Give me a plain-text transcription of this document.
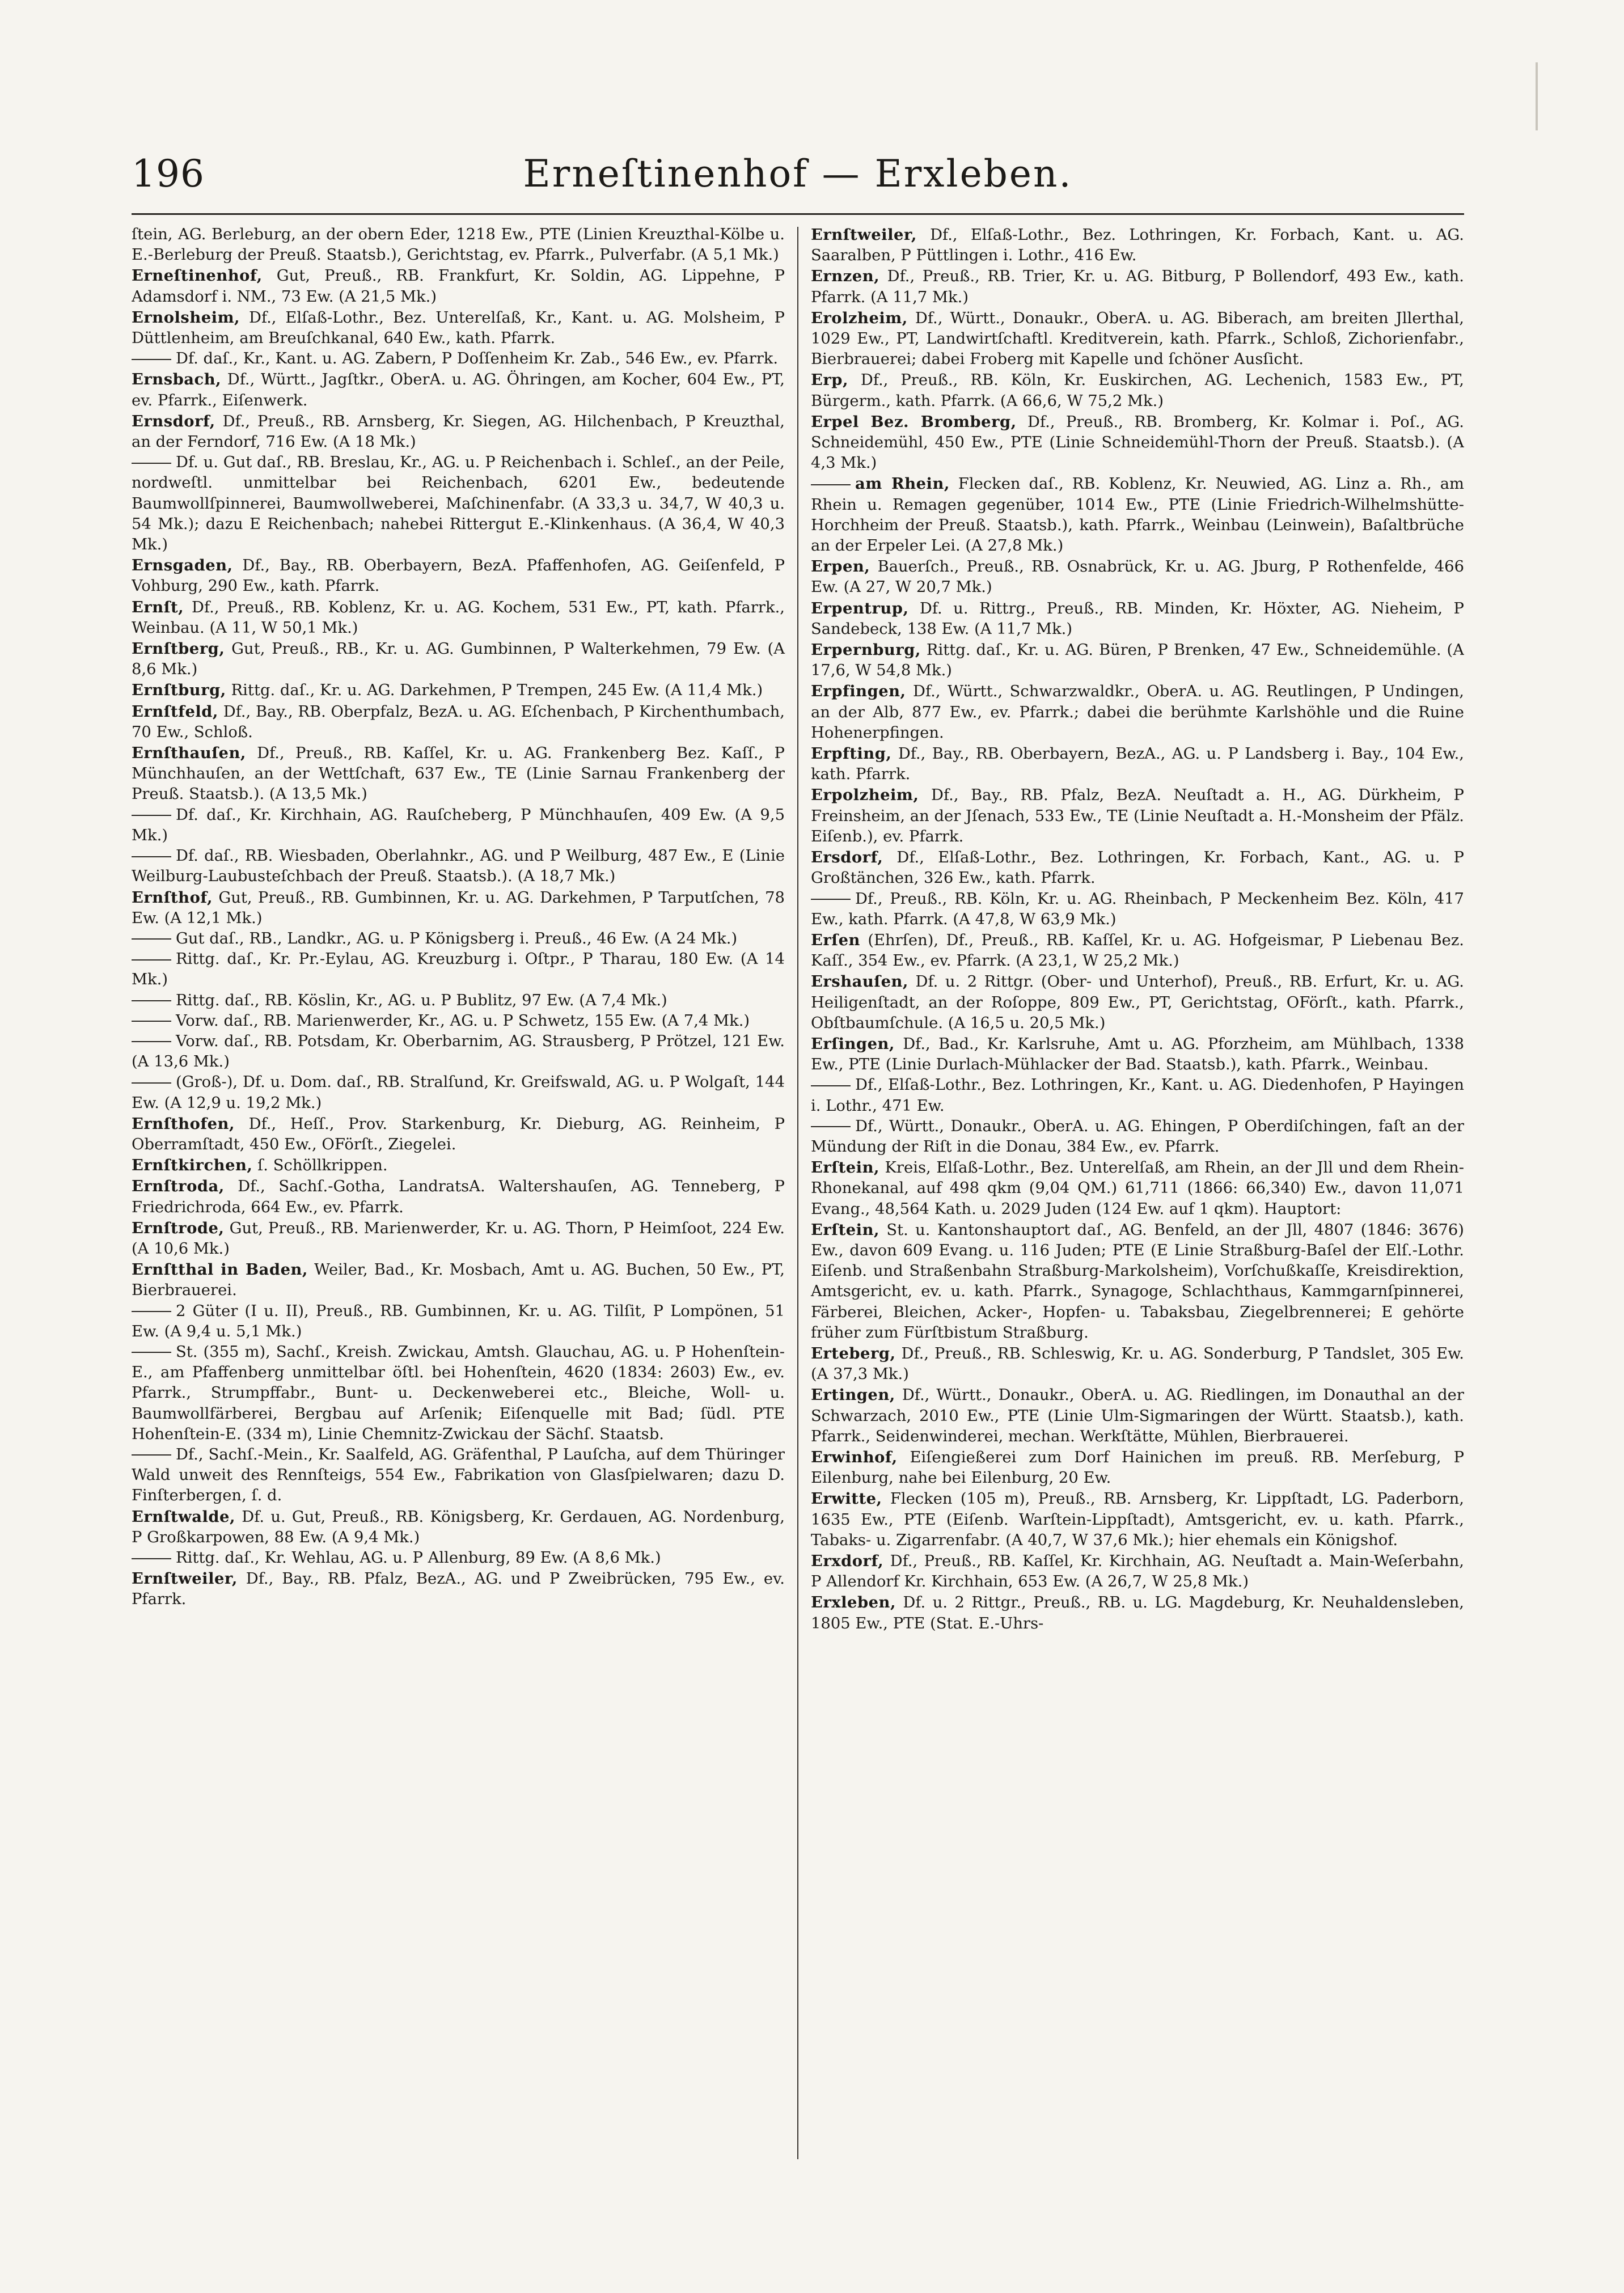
196	Erneſtinenhof — Erxleben.

ſtein, AG. Berleburg, an der obern Eder, 1218 Ew., PTE (Linien Kreuzthal-Kölbe u. E.-Berleburg der Preuß. Staatsb.), Gerichtstag, ev. Pfarrk., Pulverfabr. (A 5,1 Mk.)

Erneſtinenhof, Gut, Preuß., RB. Frankfurt, Kr. Soldin, AG. Lippehne, P Adamsdorf i. NM., 73 Ew. (A 21,5 Mk.)

Ernolsheim, Df., Elſaß-Lothr., Bez. Unterelſaß, Kr., Kant. u. AG. Molsheim, P Düttlenheim, am Breuſchkanal, 640 Ew., kath. Pfarrk.

Df. daſ., Kr., Kant. u. AG. Zabern, P Doſſenheim Kr. Zab., 546 Ew., ev. Pfarrk.

Ernsbach, Df., Württ., Jagſtkr., OberA. u. AG. Öhringen, am Kocher, 604 Ew., PT, ev. Pfarrk., Eiſenwerk.

Ernsdorf, Df., Preuß., RB. Arnsberg, Kr. Siegen, AG. Hilchenbach, P Kreuzthal, an der Ferndorf, 716 Ew. (A 18 Mk.)

Df. u. Gut daſ., RB. Breslau, Kr., AG. u. P Reichenbach i. Schleſ., an der Peile, nordweſtl. unmittelbar bei Reichenbach, 6201 Ew., bedeutende Baumwollſpinnerei, Baumwollweberei, Maſchinenfabr. (A 33,3 u. 34,7, W 40,3 u. 54 Mk.); dazu E Reichenbach; nahebei Rittergut E.-Klinkenhaus. (A 36,4, W 40,3 Mk.)

Ernsgaden, Df., Bay., RB. Oberbayern, BezA. Pfaffenhofen, AG. Geiſenfeld, P Vohburg, 290 Ew., kath. Pfarrk.

Ernſt, Df., Preuß., RB. Koblenz, Kr. u. AG. Kochem, 531 Ew., PT, kath. Pfarrk., Weinbau. (A 11, W 50,1 Mk.)

Ernſtberg, Gut, Preuß., RB., Kr. u. AG. Gumbinnen, P Walterkehmen, 79 Ew. (A 8,6 Mk.)

Ernſtburg, Rittg. daſ., Kr. u. AG. Darkehmen, P Trempen, 245 Ew. (A 11,4 Mk.)

Ernſtfeld, Df., Bay., RB. Oberpfalz, BezA. u. AG. Eſchenbach, P Kirchenthumbach, 70 Ew., Schloß.

Ernſthauſen, Df., Preuß., RB. Kaſſel, Kr. u. AG. Frankenberg Bez. Kaſſ., P Münchhauſen, an der Wettſchaft, 637 Ew., TE (Linie Sarnau Frankenberg der Preuß. Staatsb.). (A 13,5 Mk.)

Df. daſ., Kr. Kirchhain, AG. Rauſcheberg, P Münchhauſen, 409 Ew. (A 9,5 Mk.)

Df. daſ., RB. Wiesbaden, Oberlahnkr., AG. und P Weilburg, 487 Ew., E (Linie Weilburg-Laubusteſchbach der Preuß. Staatsb.). (A 18,7 Mk.)

Ernſthof, Gut, Preuß., RB. Gumbinnen, Kr. u. AG. Darkehmen, P Tarputſchen, 78 Ew. (A 12,1 Mk.)

Gut daſ., RB., Landkr., AG. u. P Königsberg i. Preuß., 46 Ew. (A 24 Mk.)

Rittg. daſ., Kr. Pr.-Eylau, AG. Kreuzburg i. Oſtpr., P Tharau, 180 Ew. (A 14 Mk.)

Rittg. daſ., RB. Köslin, Kr., AG. u. P Bublitz, 97 Ew. (A 7,4 Mk.)

Vorw. daſ., RB. Marienwerder, Kr., AG. u. P Schwetz, 155 Ew. (A 7,4 Mk.)

Vorw. daſ., RB. Potsdam, Kr. Oberbarnim, AG. Strausberg, P Prötzel, 121 Ew. (A 13,6 Mk.)

(Groß-), Df. u. Dom. daſ., RB. Stralſund, Kr. Greifswald, AG. u. P Wolgaſt, 144 Ew. (A 12,9 u. 19,2 Mk.)

Ernſthofen, Df., Heſſ., Prov. Starkenburg, Kr. Dieburg, AG. Reinheim, P Oberramſtadt, 450 Ew., OFörſt., Ziegelei.

Ernſtkirchen, ſ. Schöllkrippen.

Ernſtroda, Df., Sachſ.-Gotha, LandratsA. Waltershauſen, AG. Tenneberg, P Friedrichroda, 664 Ew., ev. Pfarrk.

Ernſtrode, Gut, Preuß., RB. Marienwerder, Kr. u. AG. Thorn, P Heimſoot, 224 Ew. (A 10,6 Mk.)

Ernſtthal in Baden, Weiler, Bad., Kr. Mosbach, Amt u. AG. Buchen, 50 Ew., PT, Bierbrauerei.

2 Güter (I u. II), Preuß., RB. Gumbinnen, Kr. u. AG. Tilſit, P Lompönen, 51 Ew. (A 9,4 u. 5,1 Mk.)

St. (355 m), Sachſ., Kreish. Zwickau, Amtsh. Glauchau, AG. u. P Hohenſtein-E., am Pfaffenberg unmittelbar öſtl. bei Hohenſtein, 4620 (1834: 2603) Ew., ev. Pfarrk., Strumpffabr., Bunt- u. Deckenweberei etc., Bleiche, Woll- u. Baumwollfärberei, Bergbau auf Arſenik; Eiſenquelle mit Bad; ſüdl. PTE Hohenſtein-E. (334 m), Linie Chemnitz-Zwickau der Sächſ. Staatsb.

Df., Sachſ.-Mein., Kr. Saalfeld, AG. Gräfenthal, P Lauſcha, auf dem Thüringer Wald unweit des Rennſteigs, 554 Ew., Fabrikation von Glasſpielwaren; dazu D. Finſterbergen, ſ. d.

Ernſtwalde, Df. u. Gut, Preuß., RB. Königsberg, Kr. Gerdauen, AG. Nordenburg, P Großkarpowen, 88 Ew. (A 9,4 Mk.)

Rittg. daſ., Kr. Wehlau, AG. u. P Allenburg, 89 Ew. (A 8,6 Mk.)

Ernſtweiler, Df., Bay., RB. Pfalz, BezA., AG. und P Zweibrücken, 795 Ew., ev. Pfarrk.

Ernſtweiler, Df., Elſaß-Lothr., Bez. Lothringen, Kr. Forbach, Kant. u. AG. Saaralben, P Püttlingen i. Lothr., 416 Ew.

Ernzen, Df., Preuß., RB. Trier, Kr. u. AG. Bitburg, P Bollendorf, 493 Ew., kath. Pfarrk. (A 11,7 Mk.)

Erolzheim, Df., Württ., Donaukr., OberA. u. AG. Biberach, am breiten Jllerthal, 1029 Ew., PT, Landwirtſchaftl. Kreditverein, kath. Pfarrk., Schloß, Zichorienfabr., Bierbrauerei; dabei Froberg mit Kapelle und ſchöner Ausſicht.

Erp, Df., Preuß., RB. Köln, Kr. Euskirchen, AG. Lechenich, 1583 Ew., PT, Bürgerm., kath. Pfarrk. (A 66,6, W 75,2 Mk.)

Erpel Bez. Bromberg, Df., Preuß., RB. Bromberg, Kr. Kolmar i. Poſ., AG. Schneidemühl, 450 Ew., PTE (Linie Schneidemühl-Thorn der Preuß. Staatsb.). (A 4,3 Mk.)

am Rhein, Flecken daſ., RB. Koblenz, Kr. Neuwied, AG. Linz a. Rh., am Rhein u. Remagen gegenüber, 1014 Ew., PTE (Linie Friedrich-Wilhelmshütte-Horchheim der Preuß. Staatsb.), kath. Pfarrk., Weinbau (Leinwein), Baſaltbrüche an der Erpeler Lei. (A 27,8 Mk.)

Erpen, Bauerſch., Preuß., RB. Osnabrück, Kr. u. AG. Jburg, P Rothenfelde, 466 Ew. (A 27, W 20,7 Mk.)

Erpentrup, Df. u. Rittrg., Preuß., RB. Minden, Kr. Höxter, AG. Nieheim, P Sandebeck, 138 Ew. (A 11,7 Mk.)

Erpernburg, Rittg. daſ., Kr. u. AG. Büren, P Brenken, 47 Ew., Schneidemühle. (A 17,6, W 54,8 Mk.)

Erpfingen, Df., Württ., Schwarzwaldkr., OberA. u. AG. Reutlingen, P Undingen, an der Alb, 877 Ew., ev. Pfarrk.; dabei die berühmte Karlshöhle und die Ruine Hohenerpfingen.

Erpfting, Df., Bay., RB. Oberbayern, BezA., AG. u. P Landsberg i. Bay., 104 Ew., kath. Pfarrk.

Erpolzheim, Df., Bay., RB. Pfalz, BezA. Neuſtadt a. H., AG. Dürkheim, P Freinsheim, an der Jſenach, 533 Ew., TE (Linie Neuſtadt a. H.-Monsheim der Pfälz. Eiſenb.), ev. Pfarrk.

Ersdorf, Df., Elſaß-Lothr., Bez. Lothringen, Kr. Forbach, Kant., AG. u. P Großtänchen, 326 Ew., kath. Pfarrk.

Df., Preuß., RB. Köln, Kr. u. AG. Rheinbach, P Meckenheim Bez. Köln, 417 Ew., kath. Pfarrk. (A 47,8, W 63,9 Mk.)

Erſen (Ehrſen), Df., Preuß., RB. Kaſſel, Kr. u. AG. Hofgeismar, P Liebenau Bez. Kaſſ., 354 Ew., ev. Pfarrk. (A 23,1, W 25,2 Mk.)

Ershauſen, Df. u. 2 Rittgr. (Ober- und Unterhof), Preuß., RB. Erfurt, Kr. u. AG. Heiligenſtadt, an der Roſoppe, 809 Ew., PT, Gerichtstag, OFörſt., kath. Pfarrk., Obſtbaumſchule. (A 16,5 u. 20,5 Mk.)

Erſingen, Df., Bad., Kr. Karlsruhe, Amt u. AG. Pforzheim, am Mühlbach, 1338 Ew., PTE (Linie Durlach-Mühlacker der Bad. Staatsb.), kath. Pfarrk., Weinbau.

Df., Elſaß-Lothr., Bez. Lothringen, Kr., Kant. u. AG. Diedenhofen, P Hayingen i. Lothr., 471 Ew.

Df., Württ., Donaukr., OberA. u. AG. Ehingen, P Oberdiſchingen, faſt an der Mündung der Riſt in die Donau, 384 Ew., ev. Pfarrk.

Erſtein, Kreis, Elſaß-Lothr., Bez. Unterelſaß, am Rhein, an der Jll und dem Rhein-Rhonekanal, auf 498 qkm (9,04 QM.) 61,711 (1866: 66,340) Ew., davon 11,071 Evang., 48,564 Kath. u. 2029 Juden (124 Ew. auf 1 qkm). Hauptort:

Erſtein, St. u. Kantonshauptort daſ., AG. Benfeld, an der Jll, 4807 (1846: 3676) Ew., davon 609 Evang. u. 116 Juden; PTE (E Linie Straßburg-Baſel der Elſ.-Lothr. Eiſenb. und Straßenbahn Straßburg-Markolsheim), Vorſchußkaſſe, Kreisdirektion, Amtsgericht, ev. u. kath. Pfarrk., Synagoge, Schlachthaus, Kammgarnſpinnerei, Färberei, Bleichen, Acker-, Hopfen- u. Tabaksbau, Ziegelbrennerei; E gehörte früher zum Fürſtbistum Straßburg.

Erteberg, Df., Preuß., RB. Schleswig, Kr. u. AG. Sonderburg, P Tandslet, 305 Ew. (A 37,3 Mk.)

Ertingen, Df., Württ., Donaukr., OberA. u. AG. Riedlingen, im Donauthal an der Schwarzach, 2010 Ew., PTE (Linie Ulm-Sigmaringen der Württ. Staatsb.), kath. Pfarrk., Seidenwinderei, mechan. Werkſtätte, Mühlen, Bierbrauerei.

Erwinhof, Eiſengießerei zum Dorf Hainichen im preuß. RB. Merſeburg, P Eilenburg, nahe bei Eilenburg, 20 Ew.

Erwitte, Flecken (105 m), Preuß., RB. Arnsberg, Kr. Lippſtadt, LG. Paderborn, 1635 Ew., PTE (Eiſenb. Warſtein-Lippſtadt), Amtsgericht, ev. u. kath. Pfarrk., Tabaks- u. Zigarrenfabr. (A 40,7, W 37,6 Mk.); hier ehemals ein Königshof.

Erxdorf, Df., Preuß., RB. Kaſſel, Kr. Kirchhain, AG. Neuſtadt a. Main-Weſerbahn, P Allendorf Kr. Kirchhain, 653 Ew. (A 26,7, W 25,8 Mk.)

Erxleben, Df. u. 2 Rittgr., Preuß., RB. u. LG. Magdeburg, Kr. Neuhaldensleben, 1805 Ew., PTE (Stat. E.-Uhrs-
